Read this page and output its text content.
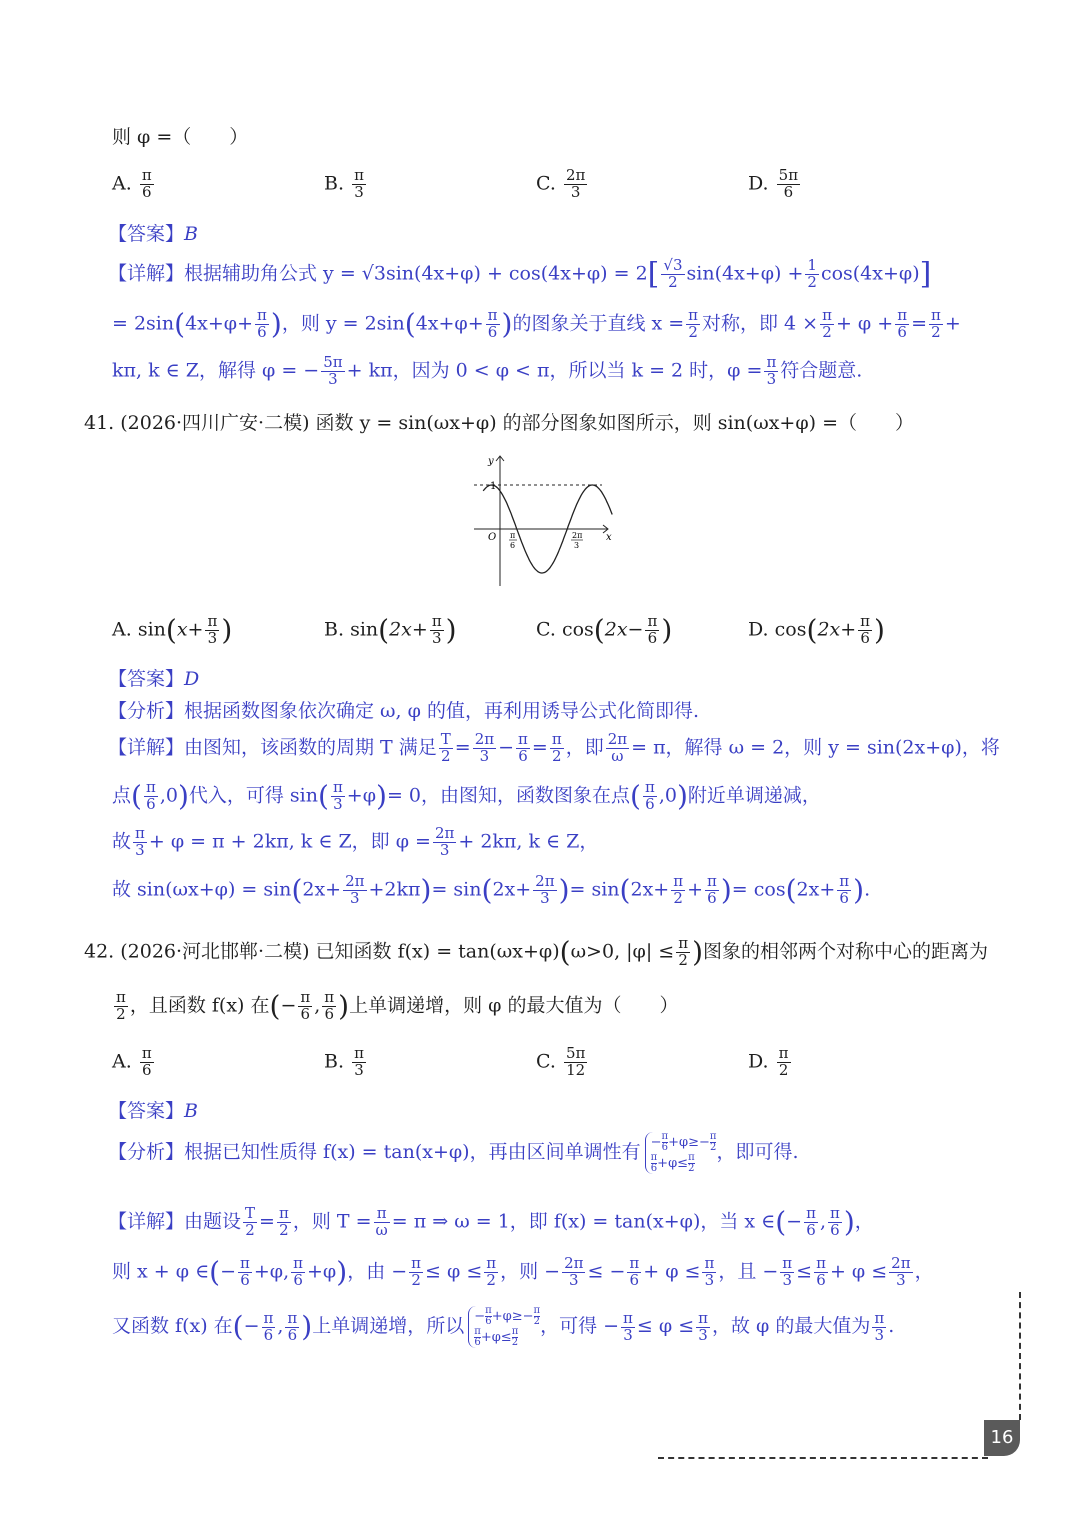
则 φ =（　　）
A. $\frac{\pi}{6}$	B. $\frac{\pi}{3}$	C. $\frac{2\pi}{3}$	D. $\frac{5\pi}{6}$
【答案】B
【详解】根据辅助角公式 $y = √3\sin(4x+\varphi) + \cos(4x+\varphi) = 2[ \frac{√3}{2} \sin(4x+\varphi) + \frac{1}{2} \cos(4x+\varphi)]$
= $2\sin(4x+\varphi+ \frac{\pi}{6}$ )，则 $y = 2\sin(4x+\varphi+ \frac{\pi}{6}$ )的图象关于直线 $x = \frac{\pi}{2}$ 对称，即 $4 \times \frac{\pi}{2} + \varphi + \frac{\pi}{6} = \frac{\pi}{2}$ +
kπ, k ∈ Z，解得 φ = − $\frac{5\pi}{3} + k\pi$，因为 0 < φ < π，所以当 k = 2 时，$\varphi = \frac{\pi}{3}$ 符合题意.
41. (2026·四川广安·二模) 函数 y = sin(ωx+φ) 的部分图象如图所示，则 sin(ωx+φ) =（　　）
y
x
O
1
π
6
2π
3
A. $\sin(x+ \frac{\pi}{3}$ )	B. $\sin(2x+ \frac{\pi}{3}$ )	C. $\cos(2x- \frac{\pi}{6}$ )	D. $\cos(2x+ \frac{\pi}{6}$ )
【答案】D
【分析】根据函数图象依次确定 ω, φ 的值，再利用诱导公式化简即得.
【详解】由图知，该函数的周期 T 满足 $\frac{T}{2} = \frac{2\pi}{3} - \frac{\pi}{6} = \frac{\pi}{2}$ ，即 $\frac{2\pi}{\omega} = \pi$，解得 ω = 2，则 y = sin(2x+φ)，将
点( $\frac{\pi}{6} ,0$)代入，可得 $\sin( \frac{\pi}{3} +\varphi)= 0$，由图知，函数图象在点( $\frac{\pi}{6} ,0$)附近单调递减，
故 $\frac{\pi}{3} + \varphi = \pi + 2k\pi$, k ∈ Z，即 $\varphi = \frac{2\pi}{3} + 2k\pi$, k ∈ Z，
故 $\sin(\omega x+\varphi) = \sin(2x+ \frac{2\pi}{3} +2k\pi)= \sin(2x+ \frac{2\pi}{3}$ )= $\sin(2x+ \frac{\pi}{2} + \frac{\pi}{6}$ )= $\cos(2x+ \frac{\pi}{6}$ ).
42. (2026·河北邯郸·二模) 已知函数 f(x) = tan(ωx+φ)(ω>0, $|\varphi| \le \frac{\pi}{2}$ )图象的相邻两个对称中心的距离为
$\frac{\pi}{2}$ ，且函数 f(x) 在(− $\frac{\pi}{6}$ , $\frac{\pi}{6}$ )上单调递增，则 φ 的最大值为（　　）
A. $\frac{\pi}{6}$	B. $\frac{\pi}{3}$	C. $\frac{5\pi}{12}$	D. $\frac{\pi}{2}$
【答案】B
【分析】根据已知性质得 f(x) = tan(x+φ)，再由区间单调性有 − $\frac{\pi}{6} +\varphi\ge- \frac{\pi}{2}$
$\frac{\pi}{6} +\varphi\le \frac{\pi}{2}$
，即可得.
【详解】由题设 $\frac{T}{2} = \frac{\pi}{2}$ ，则 $T = \frac{\pi}{\omega} = \pi$ ⇒ ω = 1，即 f(x) = tan(x+φ)，当 x ∈(− $\frac{\pi}{6}$ , $\frac{\pi}{6}$ )，
则 x + φ ∈(− $\frac{\pi}{6} +\varphi$, $\frac{\pi}{6} +\varphi$)，由 − $\frac{\pi}{2} \le \varphi \le \frac{\pi}{2}$ ，则 − $\frac{2\pi}{3}$ ≤ − $\frac{\pi}{6} + \varphi \le \frac{\pi}{3}$ ，且 − $\frac{\pi}{3} \le \frac{\pi}{6} + \varphi \le \frac{2\pi}{3}$ ，
又函数 f(x) 在(− $\frac{\pi}{6}$ , $\frac{\pi}{6}$ )上单调递增，所以 − $\frac{\pi}{6} +\varphi\ge- \frac{\pi}{2}$
$\frac{\pi}{6} +\varphi\le \frac{\pi}{2}$
，可得 − $\frac{\pi}{3} \le \varphi \le \frac{\pi}{3}$ ，故 φ 的最大值为 $\frac{\pi}{3}$ .
16
